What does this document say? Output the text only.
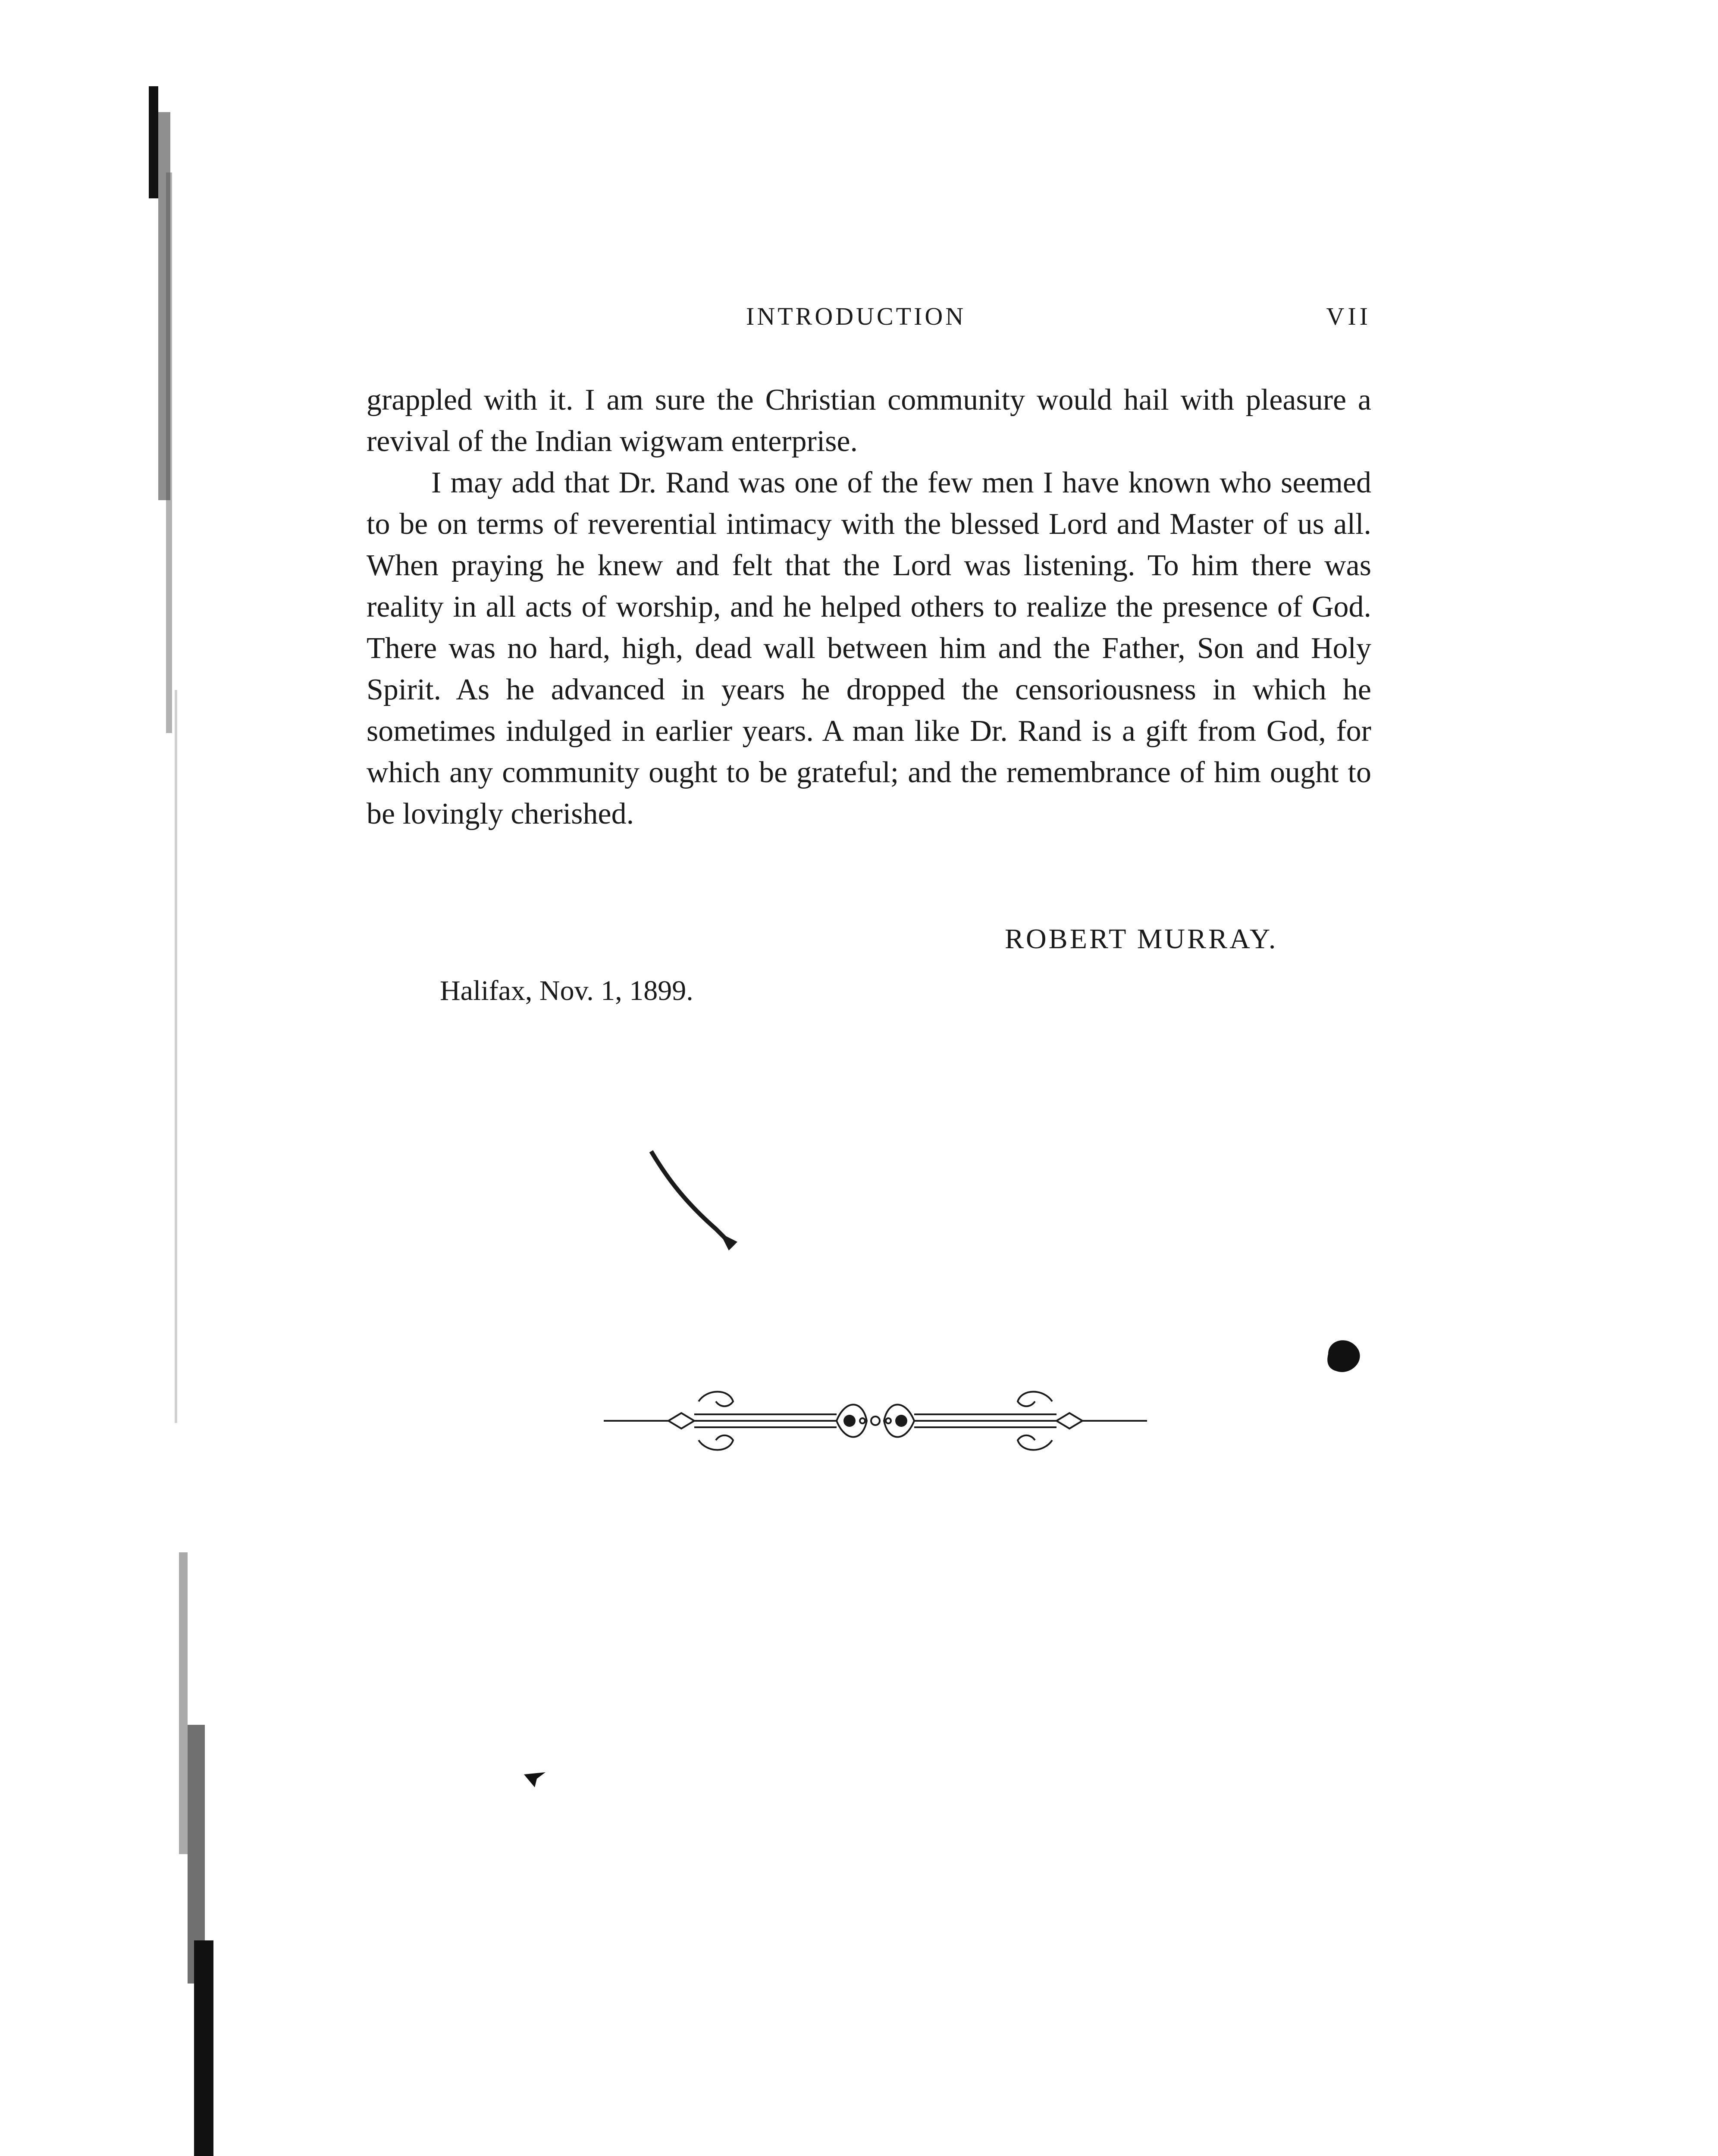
INTRODUCTION	VII

grappled with it. I am sure the Christian community would hail with pleasure a revival of the Indian wigwam enterprise.

I may add that Dr. Rand was one of the few men I have known who seemed to be on terms of reverential intimacy with the blessed Lord and Master of us all. When praying he knew and felt that the Lord was listening. To him there was reality in all acts of worship, and he helped others to realize the presence of God. There was no hard, high, dead wall between him and the Father, Son and Holy Spirit. As he advanced in years he dropped the censoriousness in which he sometimes indulged in earlier years. A man like Dr. Rand is a gift from God, for which any community ought to be grateful; and the remembrance of him ought to be lovingly cherished.

ROBERT MURRAY.
Halifax, Nov. 1, 1899.
